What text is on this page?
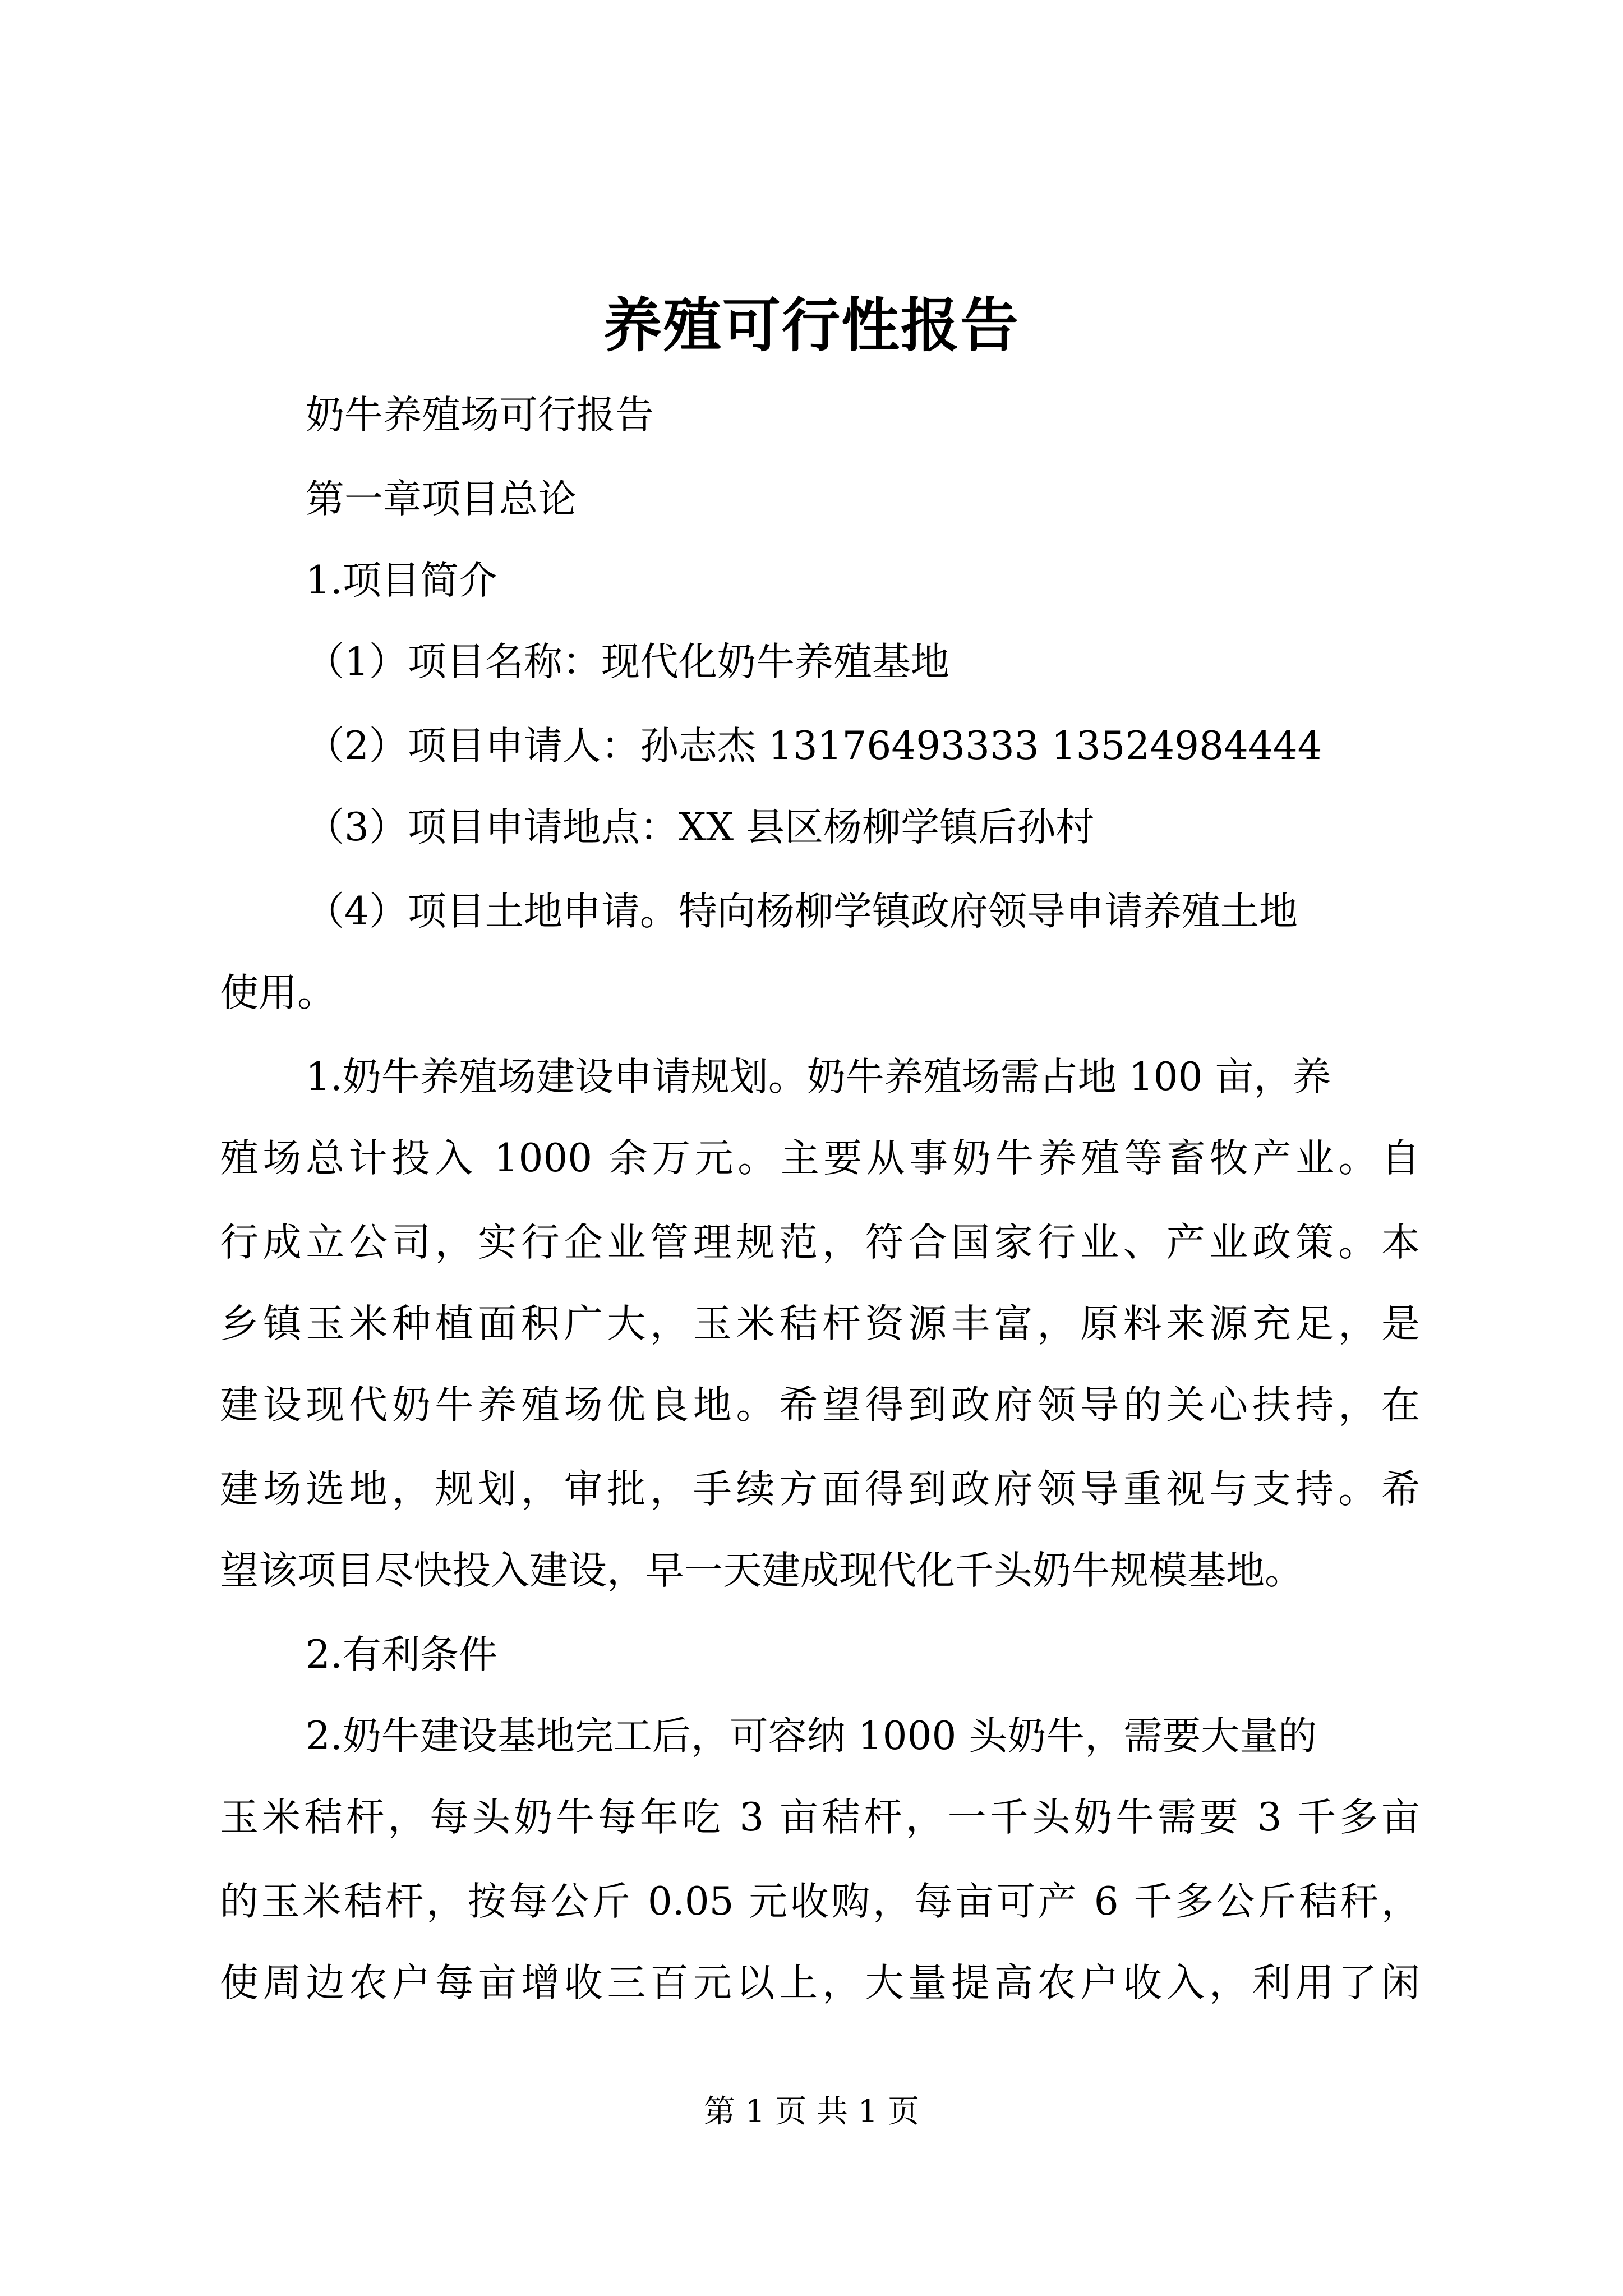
养殖可行性报告
奶牛养殖场可行报告
第一章项目总论
1.项目简介
（1）项目名称：现代化奶牛养殖基地
（2）项目申请人：孙志杰 13176493333 13524984444
（3）项目申请地点：XX 县区杨柳学镇后孙村
（4）项目土地申请。特向杨柳学镇政府领导申请养殖土地
使用。
1.奶牛养殖场建设申请规划。奶牛养殖场需占地 100 亩，养
殖场总计投入 1000 余万元。主要从事奶牛养殖等畜牧产业。自
行成立公司，实行企业管理规范，符合国家行业、产业政策。本
乡镇玉米种植面积广大，玉米秸杆资源丰富，原料来源充足，是
建设现代奶牛养殖场优良地。希望得到政府领导的关心扶持，在
建场选地，规划，审批，手续方面得到政府领导重视与支持。希
望该项目尽快投入建设，早一天建成现代化千头奶牛规模基地。
2.有利条件
2.奶牛建设基地完工后，可容纳 1000 头奶牛，需要大量的
玉米秸杆，每头奶牛每年吃 3 亩秸杆，一千头奶牛需要 3 千多亩
的玉米秸杆，按每公斤 0.05 元收购，每亩可产 6 千多公斤秸秆，
使周边农户每亩增收三百元以上，大量提高农户收入，利用了闲
第 1 页 共 1 页
